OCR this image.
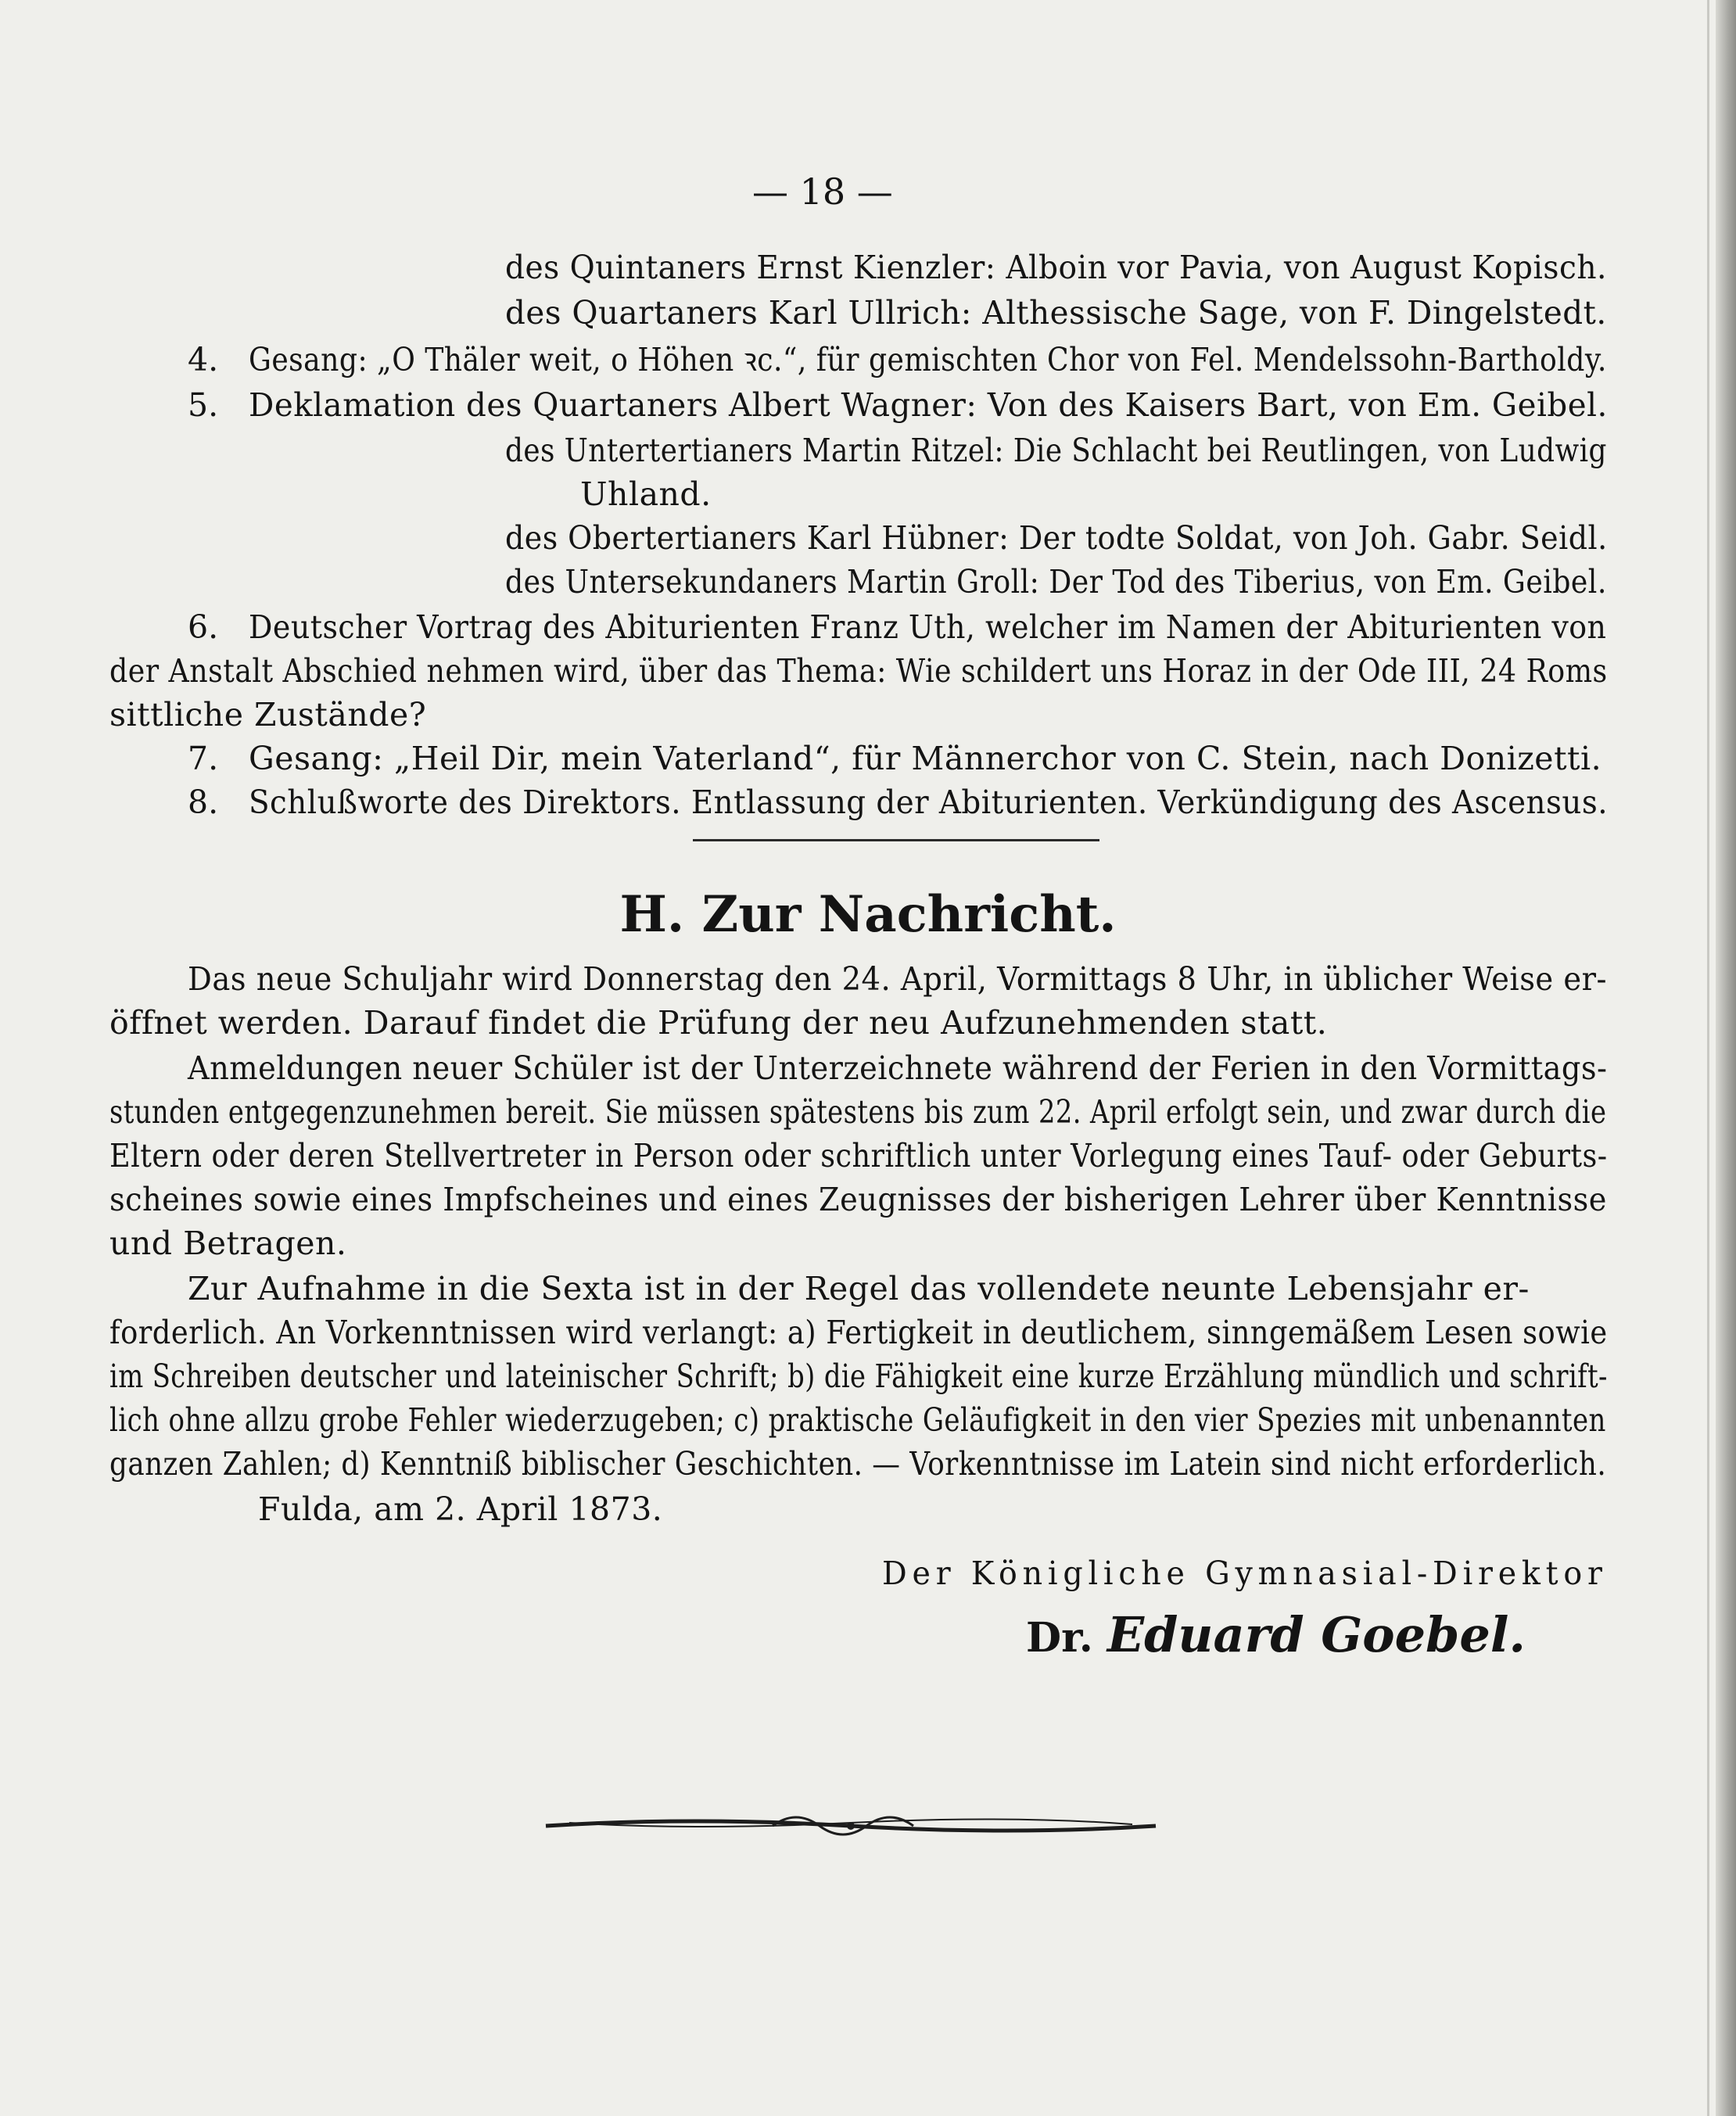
— 18 —
des Quintaners Ernst Kienzler: Alboin vor Pavia, von August Kopisch.
des Quartaners Karl Ullrich: Althessische Sage, von F. Dingelstedt.
4. Gesang: „O Thäler weit, o Höhen ꝛc.“, für gemischten Chor von Fel. Mendelssohn-Bartholdy.
5. Deklamation des Quartaners Albert Wagner: Von des Kaisers Bart, von Em. Geibel.
des Untertertianers Martin Ritzel: Die Schlacht bei Reutlingen, von Ludwig
Uhland.
des Obertertianers Karl Hübner: Der todte Soldat, von Joh. Gabr. Seidl.
des Untersekundaners Martin Groll: Der Tod des Tiberius, von Em. Geibel.
6. Deutscher Vortrag des Abiturienten Franz Uth, welcher im Namen der Abiturienten von
der Anstalt Abschied nehmen wird, über das Thema: Wie schildert uns Horaz in der Ode III, 24 Roms
sittliche Zustände?
7. Gesang: „Heil Dir, mein Vaterland“, für Männerchor von C. Stein, nach Donizetti.
8. Schlußworte des Direktors. Entlassung der Abiturienten. Verkündigung des Ascensus.
H. Zur Nachricht.
Das neue Schuljahr wird Donnerstag den 24. April, Vormittags 8 Uhr, in üblicher Weise er-
öffnet werden. Darauf findet die Prüfung der neu Aufzunehmenden statt.
Anmeldungen neuer Schüler ist der Unterzeichnete während der Ferien in den Vormittags-
stunden entgegenzunehmen bereit. Sie müssen spätestens bis zum 22. April erfolgt sein, und zwar durch die
Eltern oder deren Stellvertreter in Person oder schriftlich unter Vorlegung eines Tauf- oder Geburts-
scheines sowie eines Impfscheines und eines Zeugnisses der bisherigen Lehrer über Kenntnisse
und Betragen.
Zur Aufnahme in die Sexta ist in der Regel das vollendete neunte Lebensjahr er-
forderlich. An Vorkenntnissen wird verlangt: a) Fertigkeit in deutlichem, sinngemäßem Lesen sowie
im Schreiben deutscher und lateinischer Schrift; b) die Fähigkeit eine kurze Erzählung mündlich und schrift-
lich ohne allzu grobe Fehler wiederzugeben; c) praktische Geläufigkeit in den vier Spezies mit unbenannten
ganzen Zahlen; d) Kenntniß biblischer Geschichten. — Vorkenntnisse im Latein sind nicht erforderlich.
Fulda, am 2. April 1873.
Der Königliche Gymnasial-Direktor
Dr. Eduard Goebel.
